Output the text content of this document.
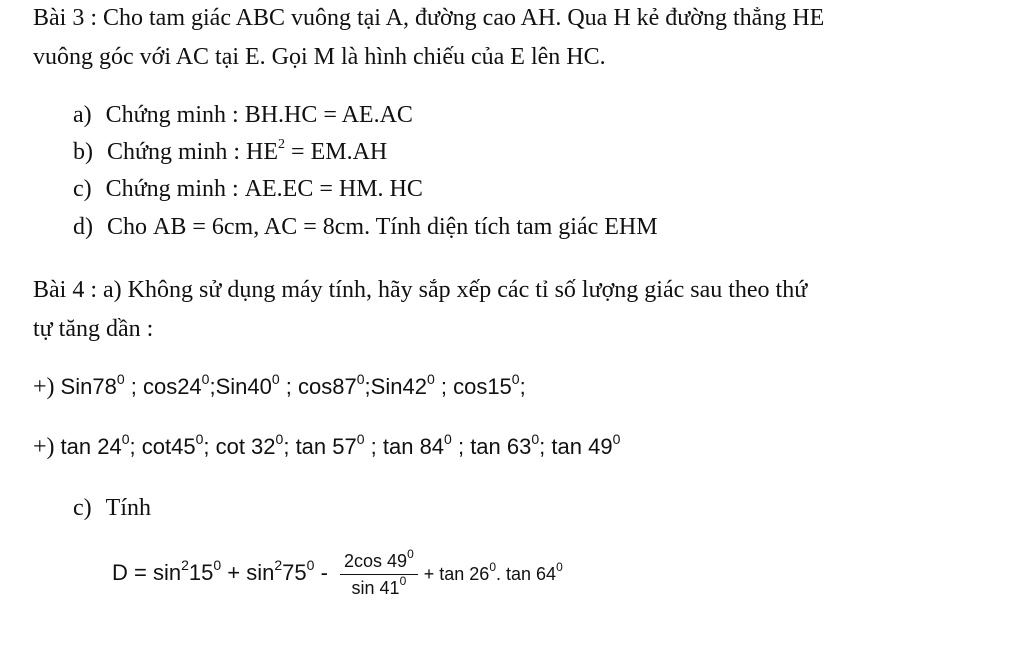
Bài 3 : Cho tam giác ABC vuông tại A, đường cao AH. Qua H kẻ đường thẳng HE
vuông góc với AC tại E. Gọi M là hình chiếu của E lên HC.
a) Chứng minh : BH.HC = AE.AC
b) Chứng minh : $HE^2 = EM.AH$
c) Chứng minh : AE.EC = HM. HC
d) Cho AB = 6cm, AC = 8cm. Tính diện tích tam giác EHM
Bài 4 : a) Không sử dụng máy tính, hãy sắp xếp các tỉ số lượng giác sau theo thứ
tự tăng dần :
+) $Sin78^0$ ; $\cos 24^0;Sin40^0$ ; $\cos 87^0;Sin42^0$ ; $\cos 15^0$;
+) $\tan 24^0$; $\cot 45^0$; $\cot 32^0$; $\tan 57^0$ ; $\tan 84^0$ ; $\tan 63^0$; $\tan 49^0$
c) Tính
$D = \sin^215^0 + \sin^275^0 - \frac{2\cos 49^0}{\sin 41^0} + \tan 26^0$. $\tan 64^0$
